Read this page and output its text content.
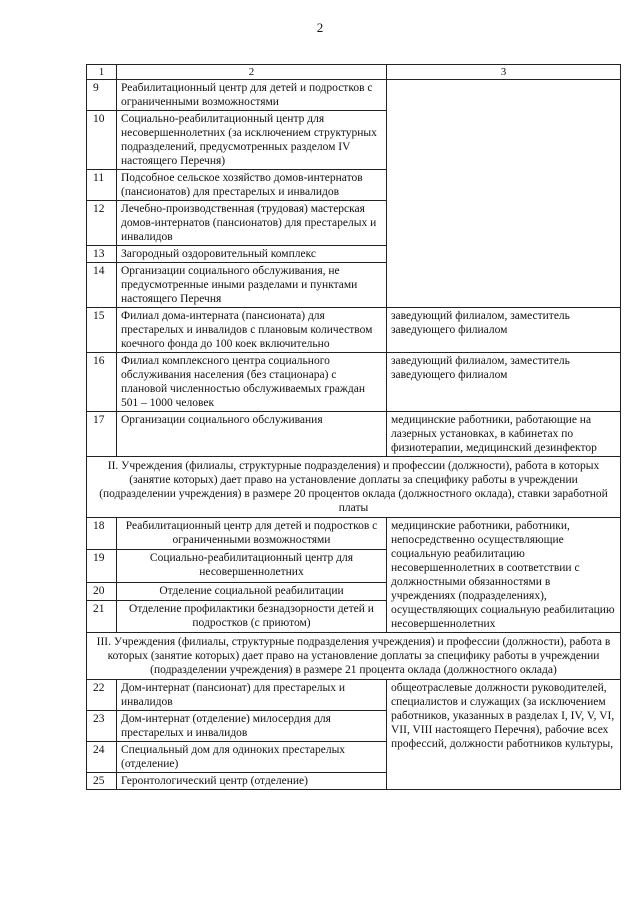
2
1	2	3
9	Реабилитационный центр для детей и подростков с ограниченными возможностями	
10	Социально-реабилитационный центр для несовершеннолетних (за исключением структурных подразделений, предусмотренных разделом IV настоящего Перечня)	
11	Подсобное сельское хозяйство домов-интернатов (пансионатов) для престарелых и инвалидов	
12	Лечебно-производственная (трудовая) мастерская домов-интернатов (пансионатов) для престарелых и инвалидов	
13	Загородный оздоровительный комплекс	
14	Организации социального обслуживания, не предусмотренные иными разделами и пунктами настоящего Перечня	
15	Филиал дома-интерната (пансионата) для престарелых и инвалидов с плановым количеством коечного фонда до 100 коек включительно	заведующий филиалом, заместитель заведующего филиалом
16	Филиал комплексного центра социального обслуживания населения (без стационара) с плановой численностью обслуживаемых граждан 501 – 1000 человек	заведующий филиалом, заместитель заведующего филиалом
17	Организации социального обслуживания	медицинские работники, работающие на лазерных установках, в кабинетах по физиотерапии, медицинский дезинфектор
II. Учреждения (филиалы, структурные подразделения) и профессии (должности), работа в которых (занятие которых) дает право на установление доплаты за специфику работы в учреждении (подразделении учреждения) в размере 20 процентов оклада (должностного оклада), ставки заработной платы		
18	Реабилитационный центр для детей и подростков с ограниченными возможностями	медицинские работники, работники, непосредственно осуществляющие социальную реабилитацию несовершеннолетних в соответствии с должностными обязанностями в учреждениях (подразделениях), осуществляющих социальную реабилитацию несовершеннолетних
19	Социально-реабилитационный центр для несовершеннолетних	
20	Отделение социальной реабилитации	
21	Отделение профилактики безнадзорности детей и подростков (с приютом)	
III. Учреждения (филиалы, структурные подразделения учреждения) и профессии (должности), работа в которых (занятие которых) дает право на установление доплаты за специфику работы в учреждении (подразделении учреждения) в размере 21 процента оклада (должностного оклада)		
22	Дом-интернат (пансионат) для престарелых и инвалидов	общеотраслевые должности руководителей, специалистов и служащих (за исключением работников, указанных в разделах I, IV, V, VI, VII, VIII настоящего Перечня), рабочие всех профессий, должности работников культуры,
23	Дом-интернат (отделение) милосердия для престарелых и инвалидов	
24	Специальный дом для одиноких престарелых (отделение)	
25	Геронтологический центр (отделение)	
